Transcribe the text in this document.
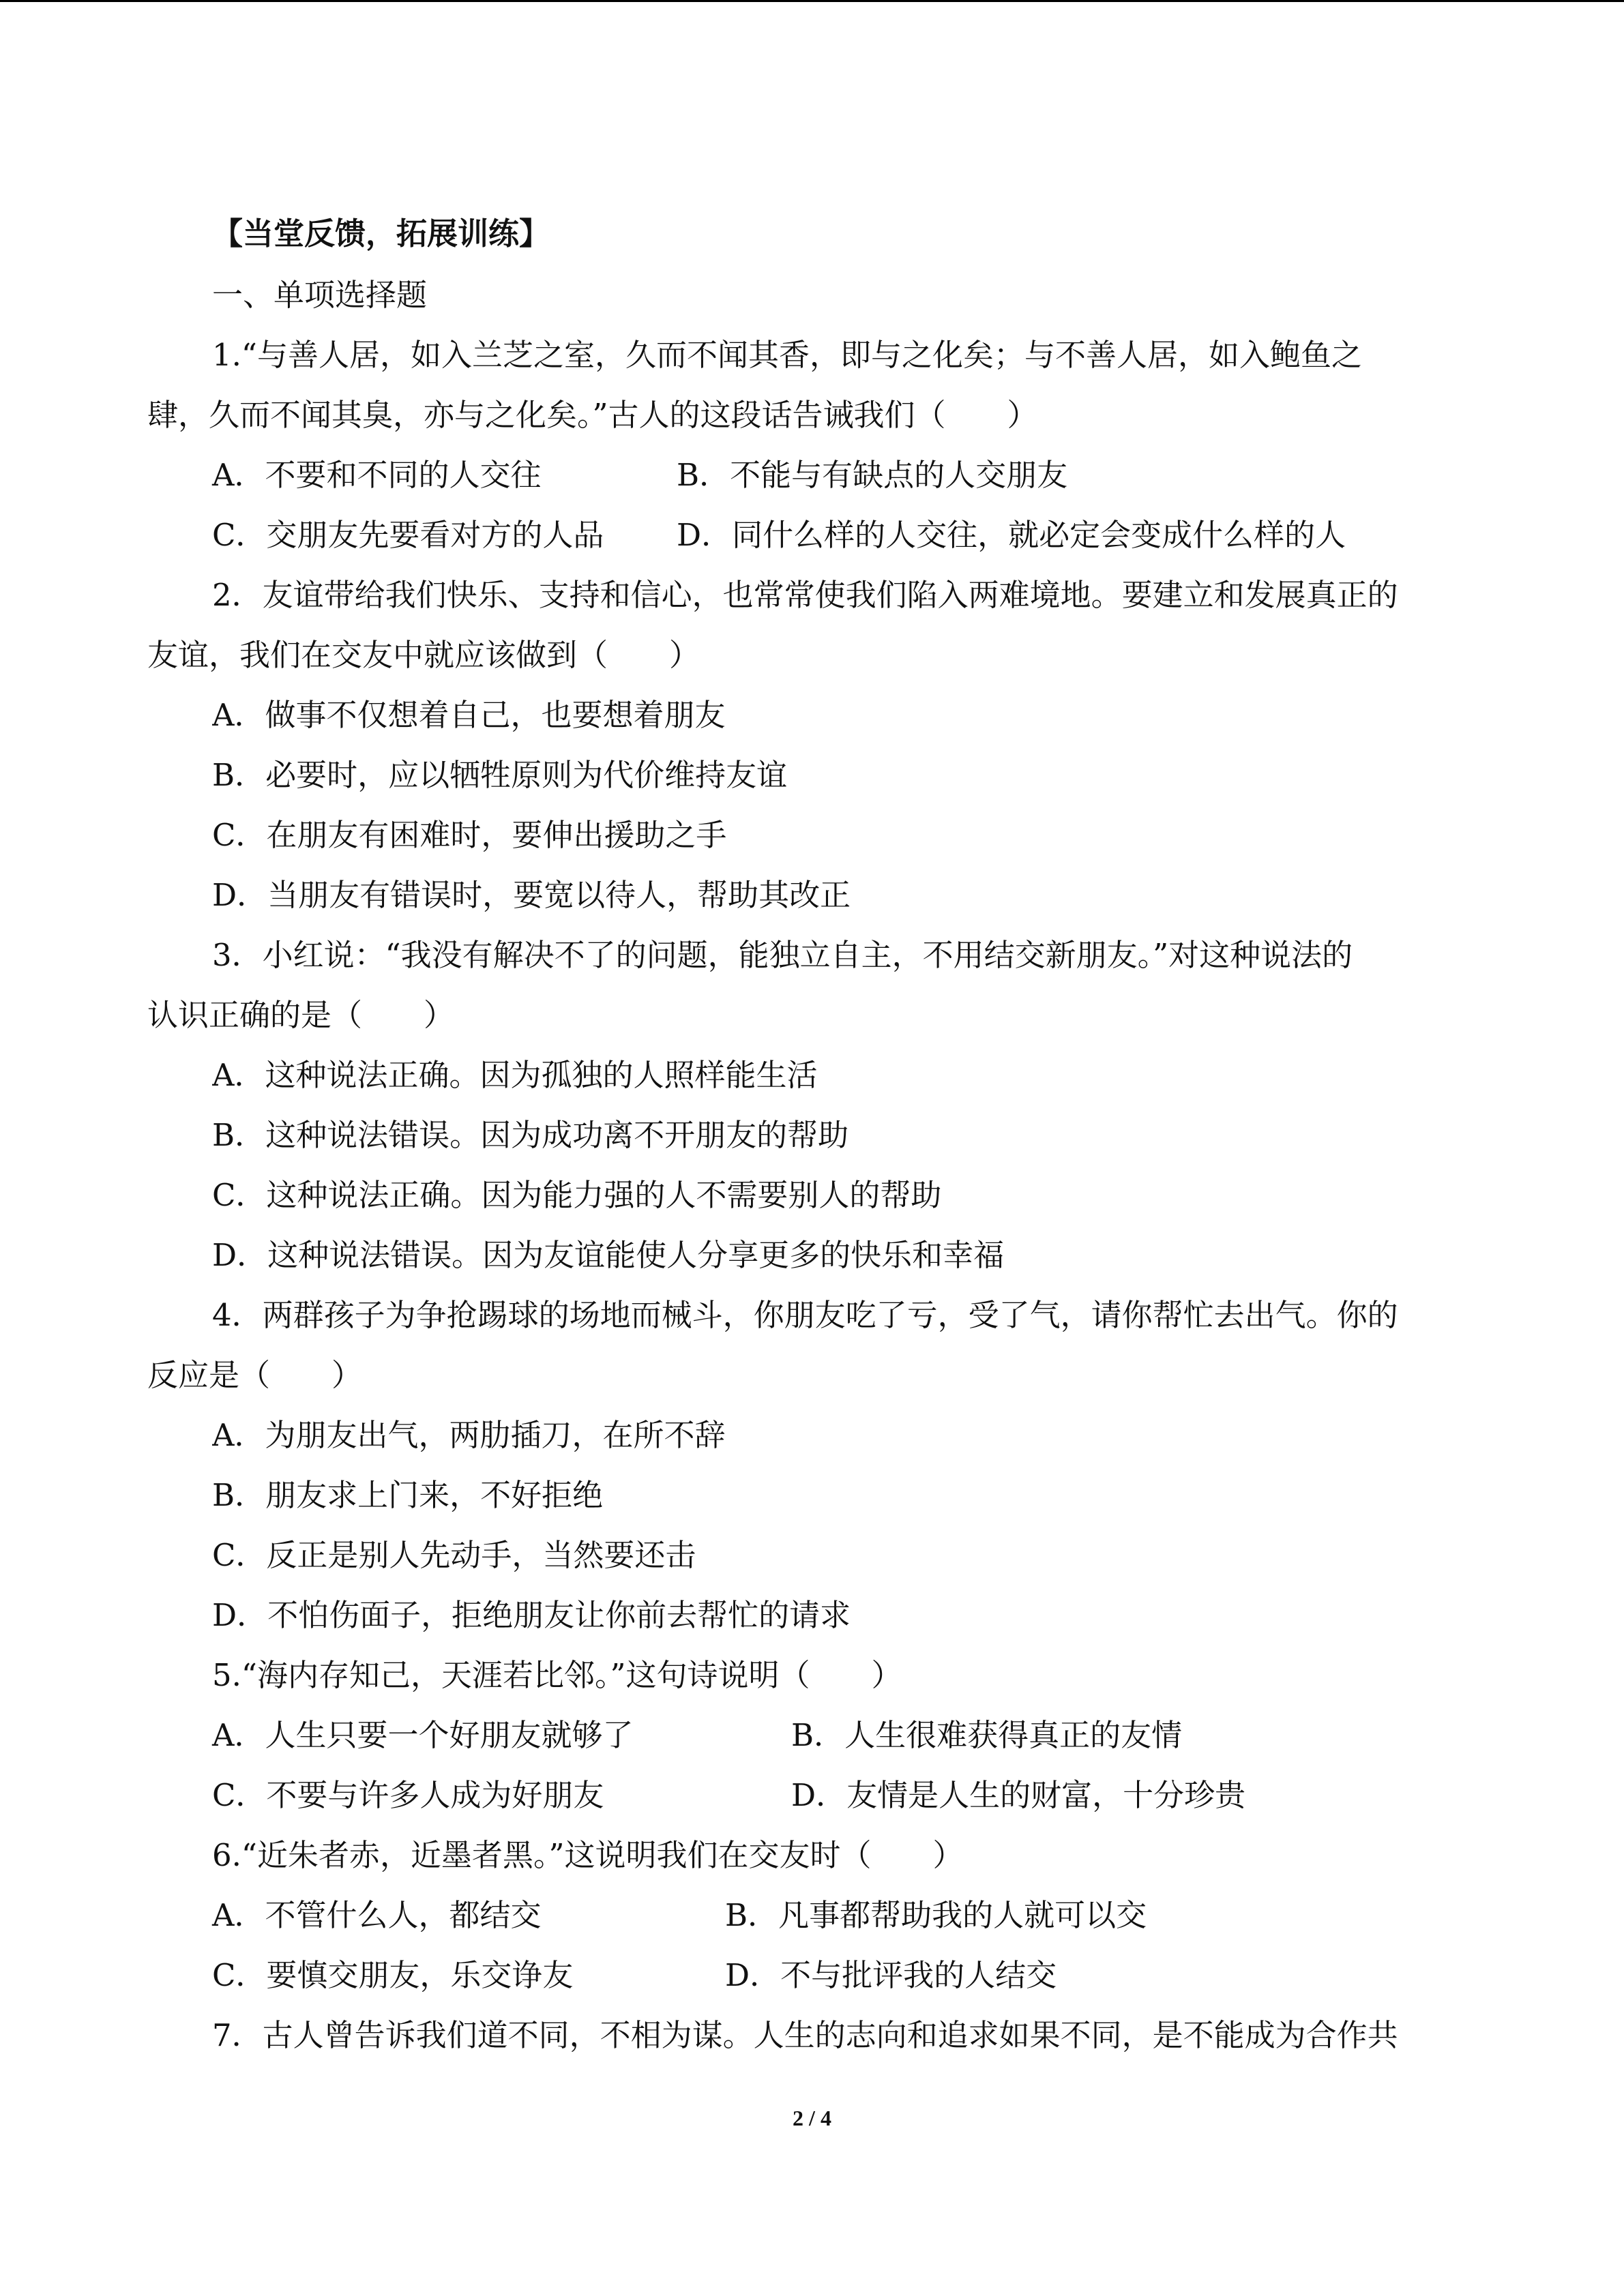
【当堂反馈，拓展训练】
一、单项选择题
1.“与善人居，如入兰芝之室，久而不闻其香，即与之化矣；与不善人居，如入鲍鱼之
肆，久而不闻其臭，亦与之化矣。”古人的这段话告诫我们（　　）
A．不要和不同的人交往	B．不能与有缺点的人交朋友
C．交朋友先要看对方的人品 D．同什么样的人交往，就必定会变成什么样的人
2．友谊带给我们快乐、支持和信心，也常常使我们陷入两难境地。要建立和发展真正的
友谊，我们在交友中就应该做到（　　）
A．做事不仅想着自己，也要想着朋友
B．必要时，应以牺牲原则为代价维持友谊
C．在朋友有困难时，要伸出援助之手
D．当朋友有错误时，要宽以待人，帮助其改正
3．小红说：“我没有解决不了的问题，能独立自主，不用结交新朋友。”对这种说法的
认识正确的是（　　）
A．这种说法正确。因为孤独的人照样能生活
B．这种说法错误。因为成功离不开朋友的帮助
C．这种说法正确。因为能力强的人不需要别人的帮助
D．这种说法错误。因为友谊能使人分享更多的快乐和幸福
4．两群孩子为争抢踢球的场地而械斗，你朋友吃了亏，受了气，请你帮忙去出气。你的
反应是（　　）
A．为朋友出气，两肋插刀，在所不辞
B．朋友求上门来，不好拒绝
C．反正是别人先动手，当然要还击
D．不怕伤面子，拒绝朋友让你前去帮忙的请求
5.“海内存知己，天涯若比邻。”这句诗说明（　　）
A．人生只要一个好朋友就够了	B．人生很难获得真正的友情
C．不要与许多人成为好朋友	D．友情是人生的财富，十分珍贵
6.“近朱者赤，近墨者黑。”这说明我们在交友时（　　）
A．不管什么人，都结交	B．凡事都帮助我的人就可以交
C．要慎交朋友，乐交诤友	D．不与批评我的人结交
7．古人曾告诉我们道不同，不相为谋。人生的志向和追求如果不同，是不能成为合作共
2 / 4
